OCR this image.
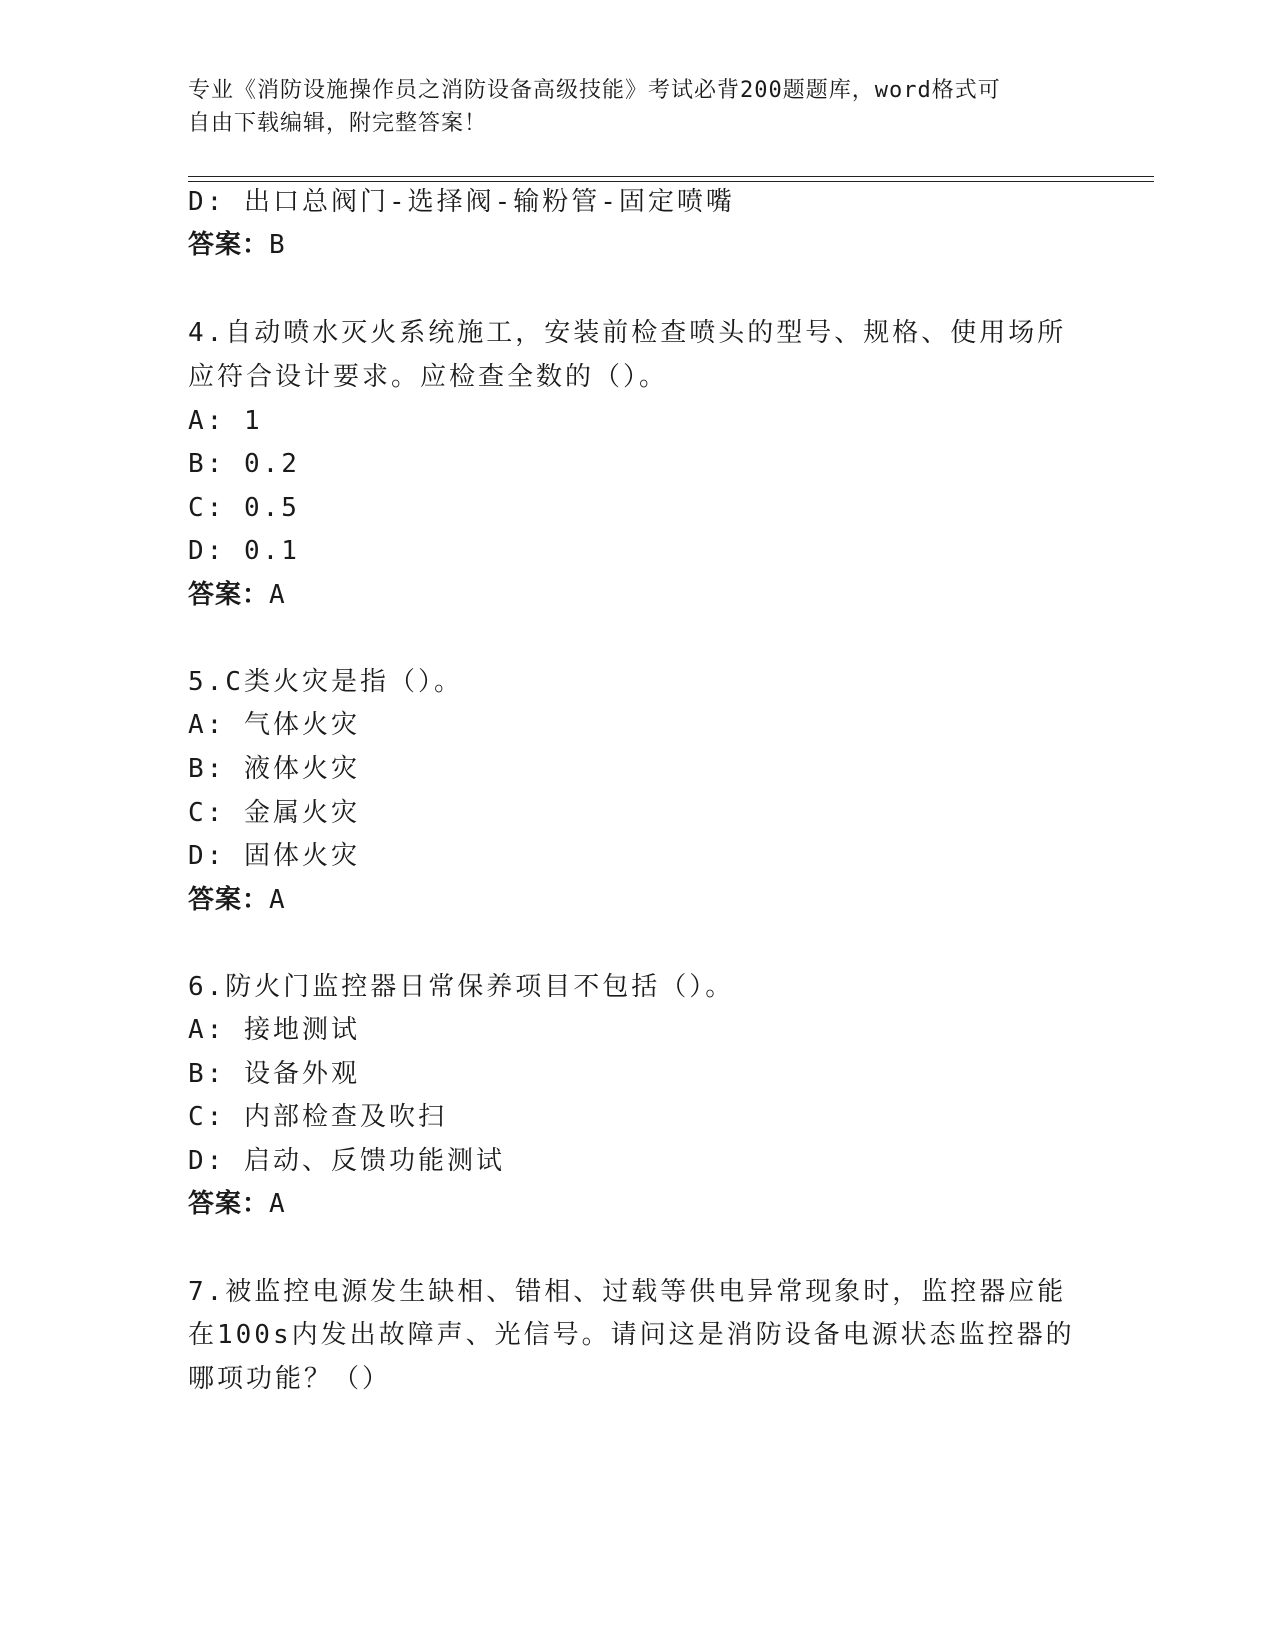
专业《消防设施操作员之消防设备高级技能》考试必背200题题库，word格式可
自由下载编辑，附完整答案！
D: 出口总阀门-选择阀-输粉管-固定喷嘴
答案：B
4.自动喷水灭火系统施工，安装前检查喷头的型号、规格、使用场所
应符合设计要求。应检查全数的（）。
A: 1
B: 0.2
C: 0.5
D: 0.1
答案：A
5.C类火灾是指（）。
A: 气体火灾
B: 液体火灾
C: 金属火灾
D: 固体火灾
答案：A
6.防火门监控器日常保养项目不包括（）。
A: 接地测试
B: 设备外观
C: 内部检查及吹扫
D: 启动、反馈功能测试
答案：A
7.被监控电源发生缺相、错相、过载等供电异常现象时，监控器应能
在100s内发出故障声、光信号。请问这是消防设备电源状态监控器的
哪项功能？（）
